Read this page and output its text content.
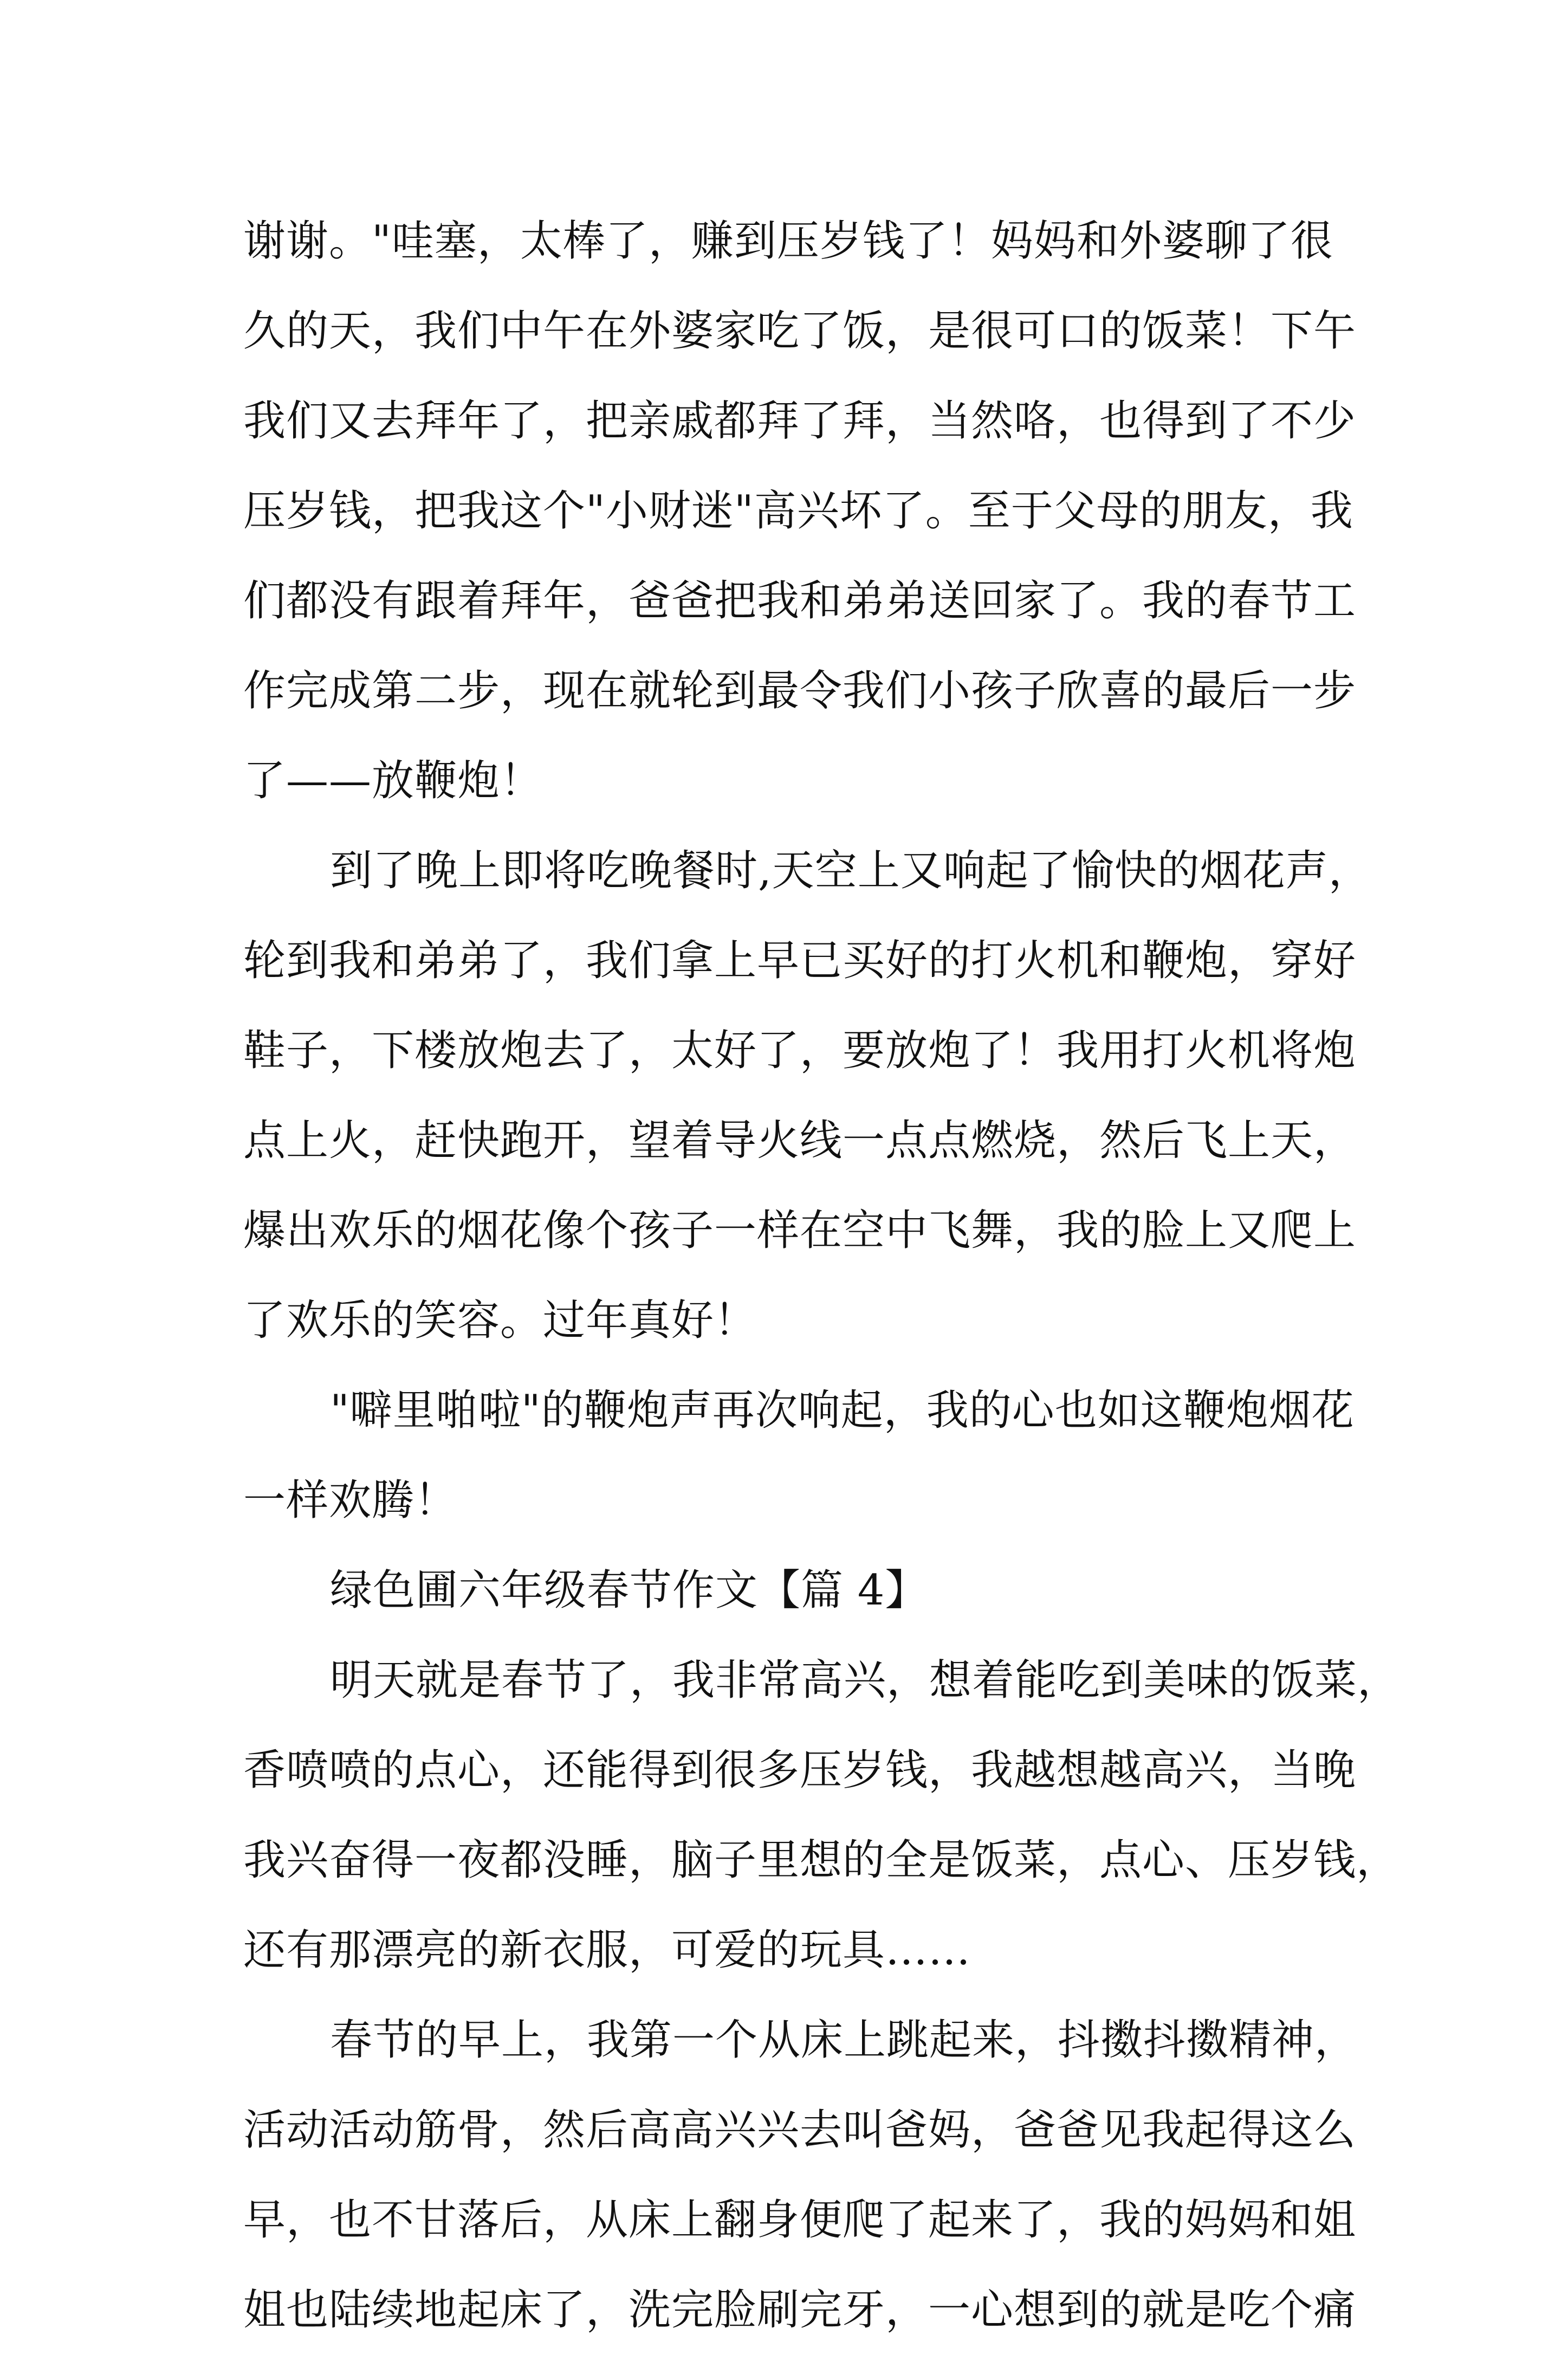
谢谢。"哇塞，太棒了，赚到压岁钱了！妈妈和外婆聊了很
久的天，我们中午在外婆家吃了饭，是很可口的饭菜！下午
我们又去拜年了，把亲戚都拜了拜，当然咯，也得到了不少
压岁钱，把我这个"小财迷"高兴坏了。至于父母的朋友，我
们都没有跟着拜年，爸爸把我和弟弟送回家了。我的春节工
作完成第二步，现在就轮到最令我们小孩子欣喜的最后一步
了——放鞭炮！
到了晚上即将吃晚餐时,天空上又响起了愉快的烟花声，
轮到我和弟弟了，我们拿上早已买好的打火机和鞭炮，穿好
鞋子，下楼放炮去了，太好了，要放炮了！我用打火机将炮
点上火，赶快跑开，望着导火线一点点燃烧，然后飞上天，
爆出欢乐的烟花像个孩子一样在空中飞舞，我的脸上又爬上
了欢乐的笑容。过年真好！
"噼里啪啦"的鞭炮声再次响起，我的心也如这鞭炮烟花
一样欢腾！
绿色圃六年级春节作文【篇 4】
明天就是春节了，我非常高兴，想着能吃到美味的饭菜，
香喷喷的点心，还能得到很多压岁钱，我越想越高兴，当晚
我兴奋得一夜都没睡，脑子里想的全是饭菜，点心、压岁钱，
还有那漂亮的新衣服，可爱的玩具……
春节的早上，我第一个从床上跳起来，抖擞抖擞精神，
活动活动筋骨，然后高高兴兴去叫爸妈，爸爸见我起得这么
早，也不甘落后，从床上翻身便爬了起来了，我的妈妈和姐
姐也陆续地起床了，洗完脸刷完牙，一心想到的就是吃个痛
